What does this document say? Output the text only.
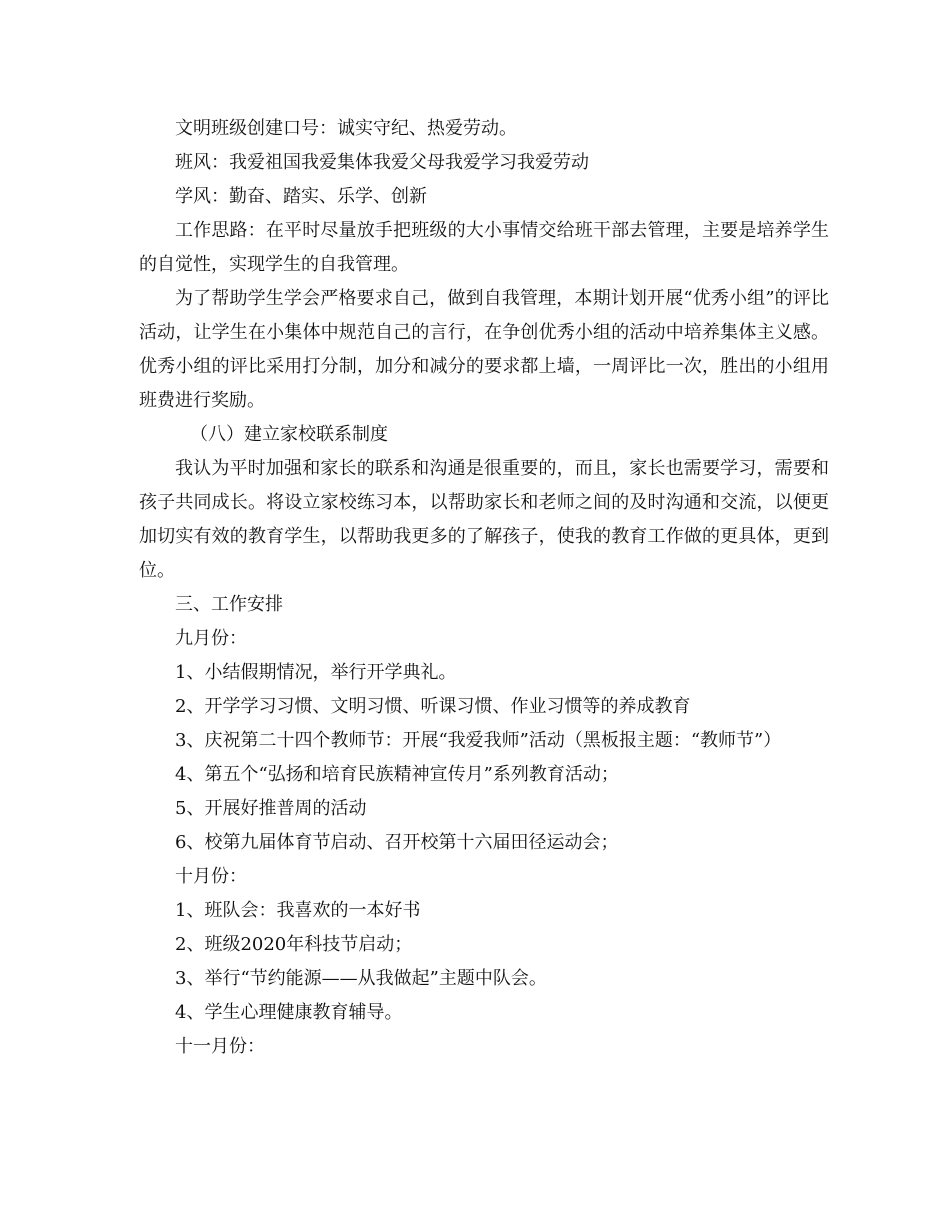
文明班级创建口号：诚实守纪、热爱劳动。

班风：我爱祖国我爱集体我爱父母我爱学习我爱劳动

学风：勤奋、踏实、乐学、创新

工作思路：在平时尽量放手把班级的大小事情交给班干部去管理，主要是培养学生的自觉性，实现学生的自我管理。

为了帮助学生学会严格要求自己，做到自我管理，本期计划开展“优秀小组”的评比活动，让学生在小集体中规范自己的言行，在争创优秀小组的活动中培养集体主义感。优秀小组的评比采用打分制，加分和减分的要求都上墙，一周评比一次，胜出的小组用班费进行奖励。

（八）建立家校联系制度

我认为平时加强和家长的联系和沟通是很重要的，而且，家长也需要学习，需要和孩子共同成长。将设立家校练习本，以帮助家长和老师之间的及时沟通和交流，以便更加切实有效的教育学生，以帮助我更多的了解孩子，使我的教育工作做的更具体，更到位。

三、工作安排

九月份：

1、小结假期情况，举行开学典礼。

2、开学学习习惯、文明习惯、听课习惯、作业习惯等的养成教育

3、庆祝第二十四个教师节：开展“我爱我师”活动（黑板报主题：“教师节”）

4、第五个“弘扬和培育民族精神宣传月”系列教育活动；

5、开展好推普周的活动

6、校第九届体育节启动、召开校第十六届田径运动会；

十月份：

1、班队会：我喜欢的一本好书

2、班级2020年科技节启动；

3、举行“节约能源——从我做起”主题中队会。

4、学生心理健康教育辅导。

十一月份：
